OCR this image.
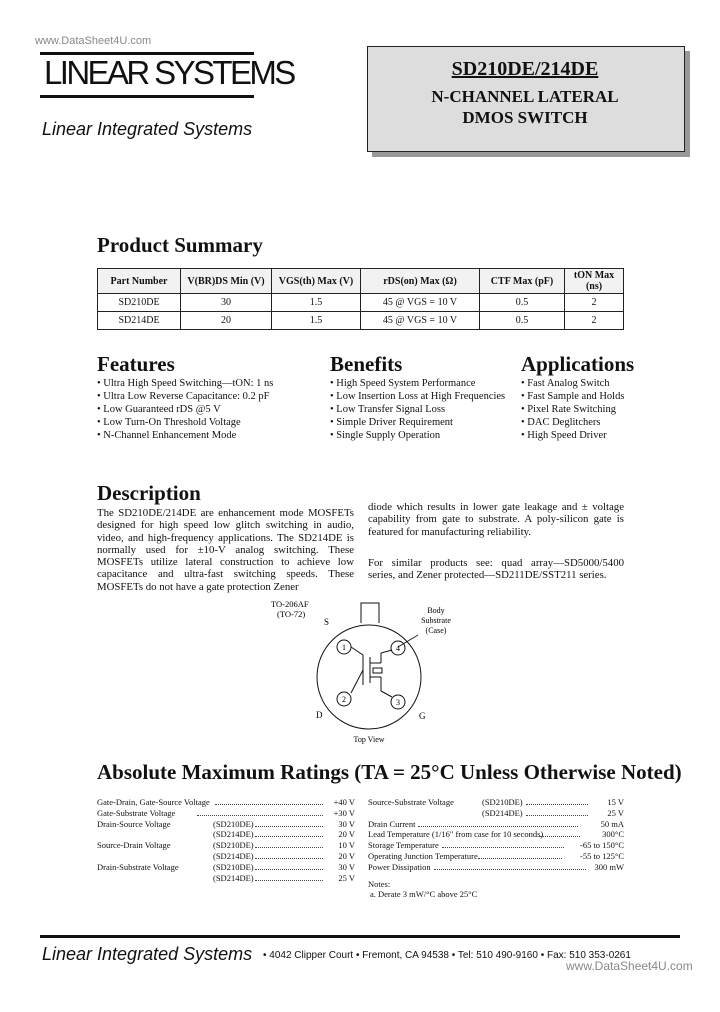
www.DataSheet4U.com
LINEAR SYSTEMS
Linear Integrated Systems
SD210DE/214DE
N-CHANNEL LATERAL
DMOS SWITCH
Product Summary
Part Number	V(BR)DS Min (V)	VGS(th) Max (V)	rDS(on) Max (Ω)	CTF Max (pF)	tON Max (ns)
SD210DE	30	1.5	45 @ VGS = 10 V	0.5	2
SD214DE	20	1.5	45 @ VGS = 10 V	0.5	2
Features
• Ultra High Speed Switching—tON: 1 ns
• Ultra Low Reverse Capacitance: 0.2 pF
• Low Guaranteed rDS @5 V
• Low Turn-On Threshold Voltage
• N-Channel Enhancement Mode
Benefits
• High Speed System Performance
• Low Insertion Loss at High Frequencies
• Low Transfer Signal Loss
• Simple Driver Requirement
• Single Supply Operation
Applications
• Fast Analog Switch
• Fast Sample and Holds
• Pixel Rate Switching
• DAC Deglitchers
• High Speed Driver
Description
The SD210DE/214DE are enhancement mode MOSFETs designed for high speed low glitch switching in audio, video, and high-frequency applications. The SD214DE is normally used for ±10-V analog switching. These MOSFETs utilize lateral construction to achieve low capacitance and ultra-fast switching speeds. These MOSFETs do not have a gate protection Zener
diode which results in lower gate leakage and ± voltage capability from gate to substrate. A poly-silicon gate is featured for manufacturing reliability.
For similar products see: quad array—SD5000/5400 series, and Zener protected—SD211DE/SST211 series.
TO-206AF
(TO-72)	Body
Substrate
(Case)
S
D	G
1
2	3
4
Top View
Absolute Maximum Ratings (TA = 25°C Unless Otherwise Noted)
Gate-Drain, Gate-Source Voltage	+40 V
Gate-Substrate Voltage	+30 V
Drain-Source Voltage	(SD210DE)	30 V
(SD214DE)	20 V
Source-Drain Voltage	(SD210DE)	10 V
(SD214DE)	20 V
Drain-Substrate Voltage	(SD210DE)	30 V
(SD214DE)	25 V
Source-Substrate Voltage	(SD210DE)	15 V
(SD214DE)	25 V
Drain Current	50 mA
Lead Temperature (1/16" from case for 10 seconds)	300°C
Storage Temperature	-65 to 150°C
Operating Junction Temperature	-55 to 125°C
Power Dissipation	300 mW
Notes:
a. Derate 3 mW/°C above 25°C
Linear Integrated Systems • 4042 Clipper Court • Fremont, CA 94538 • Tel: 510 490-9160 • Fax: 510 353-0261
www.DataSheet4U.com
